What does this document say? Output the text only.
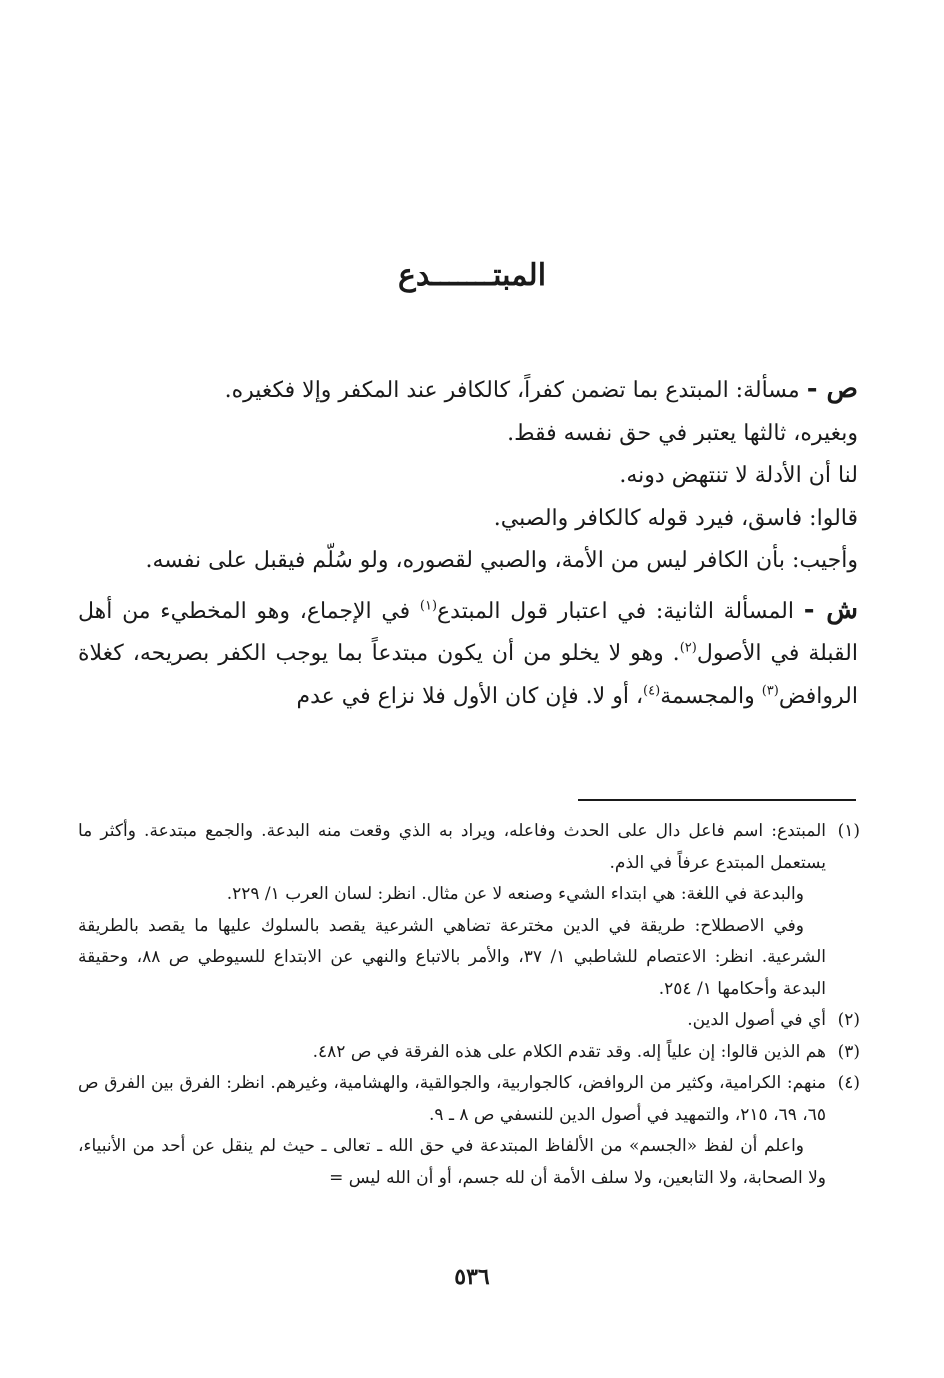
المبتـــــــدع

ص - مسألة: المبتدع بما تضمن كفراً، كالكافر عند المكفر وإلا فكغيره.

وبغيره، ثالثها يعتبر في حق نفسه فقط.

لنا أن الأدلة لا تنتهض دونه.

قالوا: فاسق، فيرد قوله كالكافر والصبي.

وأجيب: بأن الكافر ليس من الأمة، والصبي لقصوره، ولو سُلّم فيقبل على نفسه.

ش - المسألة الثانية: في اعتبار قول المبتدع$^{(١)}$ في الإجماع، وهو المخطيء من أهل القبلة في الأصول$^{(٢)}$. وهو لا يخلو من أن يكون مبتدعاً بما يوجب الكفر بصريحه، كغلاة الروافض$^{(٣)}$ والمجسمة$^{(٤)}$، أو لا. فإن كان الأول فلا نزاع في عدم

(١)

المبتدع: اسم فاعل دال على الحدث وفاعله، ويراد به الذي وقعت منه البدعة. والجمع مبتدعة. وأكثر ما يستعمل المبتدع عرفاً في الذم.

والبدعة في اللغة: هي ابتداء الشيء وصنعه لا عن مثال. انظر: لسان العرب ١/ ٢٢٩.

وفي الاصطلاح: طريقة في الدين مخترعة تضاهي الشرعية يقصد بالسلوك عليها ما يقصد بالطريقة الشرعية. انظر: الاعتصام للشاطبي ١/ ٣٧، والأمر بالاتباع والنهي عن الابتداع للسيوطي ص ٨٨، وحقيقة البدعة وأحكامها ١/ ٢٥٤.

(٢)

أي في أصول الدين.

(٣)

هم الذين قالوا: إن علياً إله. وقد تقدم الكلام على هذه الفرقة في ص ٤٨٢.

(٤)

منهم: الكرامية، وكثير من الروافض، كالجواربية، والجوالقية، والهشامية، وغيرهم. انظر: الفرق بين الفرق ص ٦٥، ٦٩، ٢١٥، والتمهيد في أصول الدين للنسفي ص ٨ ـ ٩.

واعلم أن لفظ «الجسم» من الألفاظ المبتدعة في حق الله ـ تعالى ـ حيث لم ينقل عن أحد من الأنبياء، ولا الصحابة، ولا التابعين، ولا سلف الأمة أن لله جسم، أو أن الله ليس =

٥٣٦
